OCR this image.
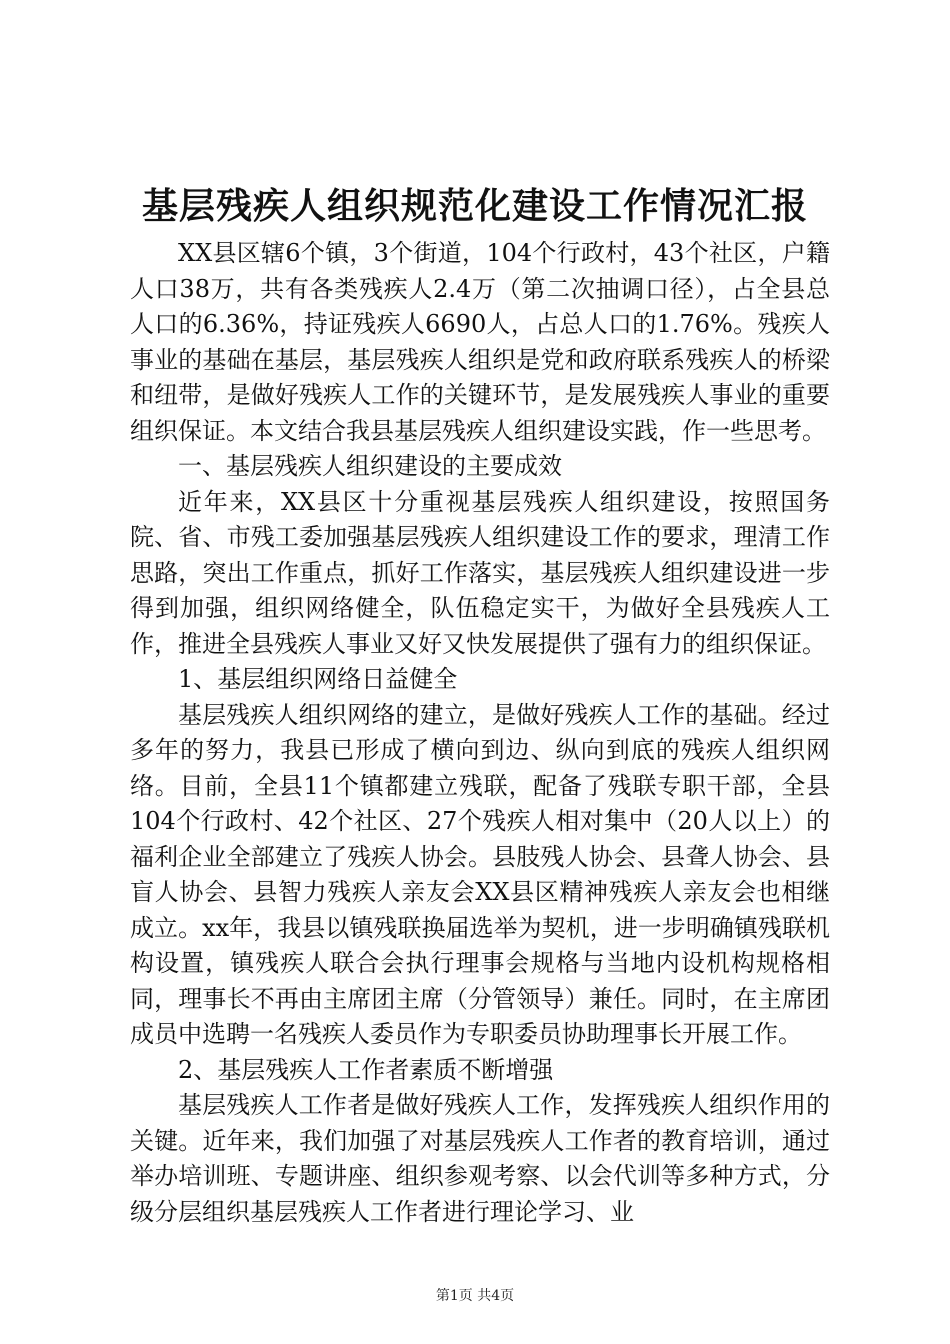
基层残疾人组织规范化建设工作情况汇报

XX县区辖6个镇，3个街道，104个行政村，43个社区，户籍人口38万，共有各类残疾人2.4万（第二次抽调口径），占全县总人口的6.36%，持证残疾人6690人，占总人口的1.76%。残疾人事业的基础在基层，基层残疾人组织是党和政府联系残疾人的桥梁和纽带，是做好残疾人工作的关键环节，是发展残疾人事业的重要组织保证。本文结合我县基层残疾人组织建设实践，作一些思考。

一、基层残疾人组织建设的主要成效

近年来，XX县区十分重视基层残疾人组织建设，按照国务院、省、市残工委加强基层残疾人组织建设工作的要求，理清工作思路，突出工作重点，抓好工作落实，基层残疾人组织建设进一步得到加强，组织网络健全，队伍稳定实干，为做好全县残疾人工作，推进全县残疾人事业又好又快发展提供了强有力的组织保证。

1、基层组织网络日益健全

基层残疾人组织网络的建立，是做好残疾人工作的基础。经过多年的努力，我县已形成了横向到边、纵向到底的残疾人组织网络。目前，全县11个镇都建立残联，配备了残联专职干部，全县104个行政村、42个社区、27个残疾人相对集中（20人以上）的福利企业全部建立了残疾人协会。县肢残人协会、县聋人协会、县盲人协会、县智力残疾人亲友会XX县区精神残疾人亲友会也相继成立。xx年，我县以镇残联换届选举为契机，进一步明确镇残联机构设置，镇残疾人联合会执行理事会规格与当地内设机构规格相同，理事长不再由主席团主席（分管领导）兼任。同时，在主席团成员中选聘一名残疾人委员作为专职委员协助理事长开展工作。

2、基层残疾人工作者素质不断增强

基层残疾人工作者是做好残疾人工作，发挥残疾人组织作用的关键。近年来，我们加强了对基层残疾人工作者的教育培训，通过举办培训班、专题讲座、组织参观考察、以会代训等多种方式，分级分层组织基层残疾人工作者进行理论学习、业

第1页 共4页
